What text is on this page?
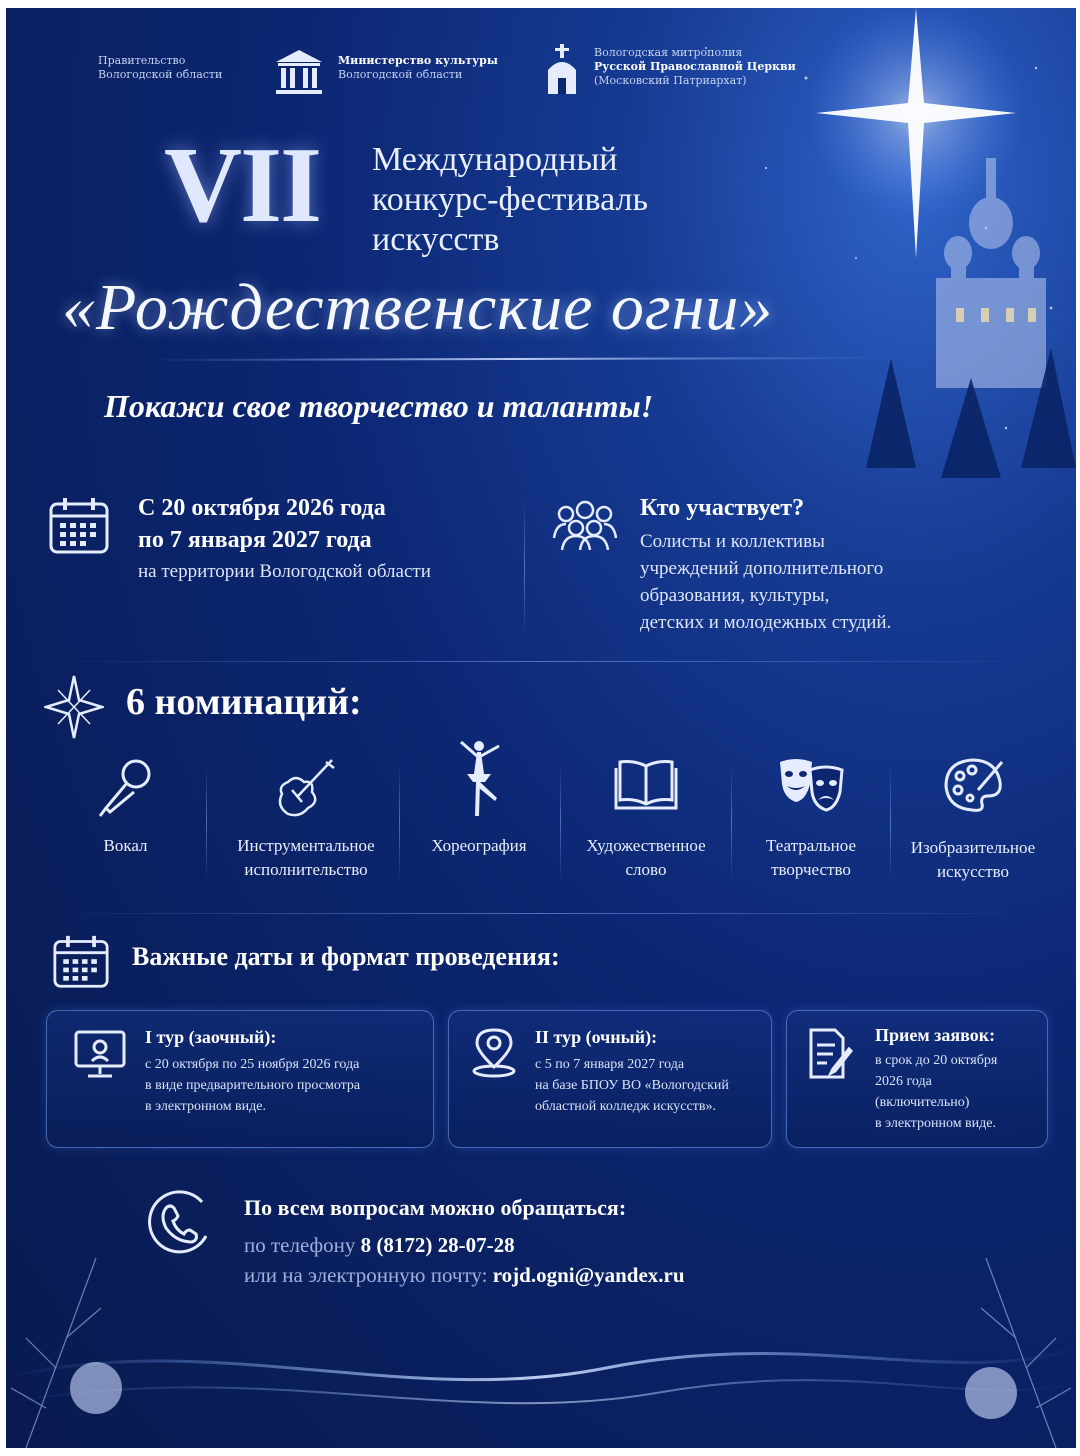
Правительство
Вологодской области
Министерство культуры
Вологодской области
Вологодская митрополия
Русской Православной Церкви
(Московский Патриархат)
VII Международный
конкурс-фестиваль
искусств
«Рождественские огни»
Покажи свое творчество и таланты!
С 20 октября 2026 года
по 7 января 2027 года
на территории Вологодской области
Кто участвует?
Солисты и коллективы
учреждений дополнительного
образования, культуры,
детских и молодежных студий.
6 номинаций:
Вокал	Инструментальное
исполнительство
Хореография	Художественное
слово
Театральное
творчество
Изобразительное
искусство
Важные даты и формат проведения:
I тур (заочный):
с 20 октября по 25 ноября 2026 года
в виде предварительного просмотра
в электронном виде.
II тур (очный):
с 5 по 7 января 2027 года
на базе БПОУ ВО «Вологодский
областной колледж искусств».
Прием заявок:
в срок до 20 октября
2026 года
(включительно)
в электронном виде.
По всем вопросам можно обращаться:
по телефону 8 (8172) 28-07-28
или на электронную почту: rojd.ogni@yandex.ru
